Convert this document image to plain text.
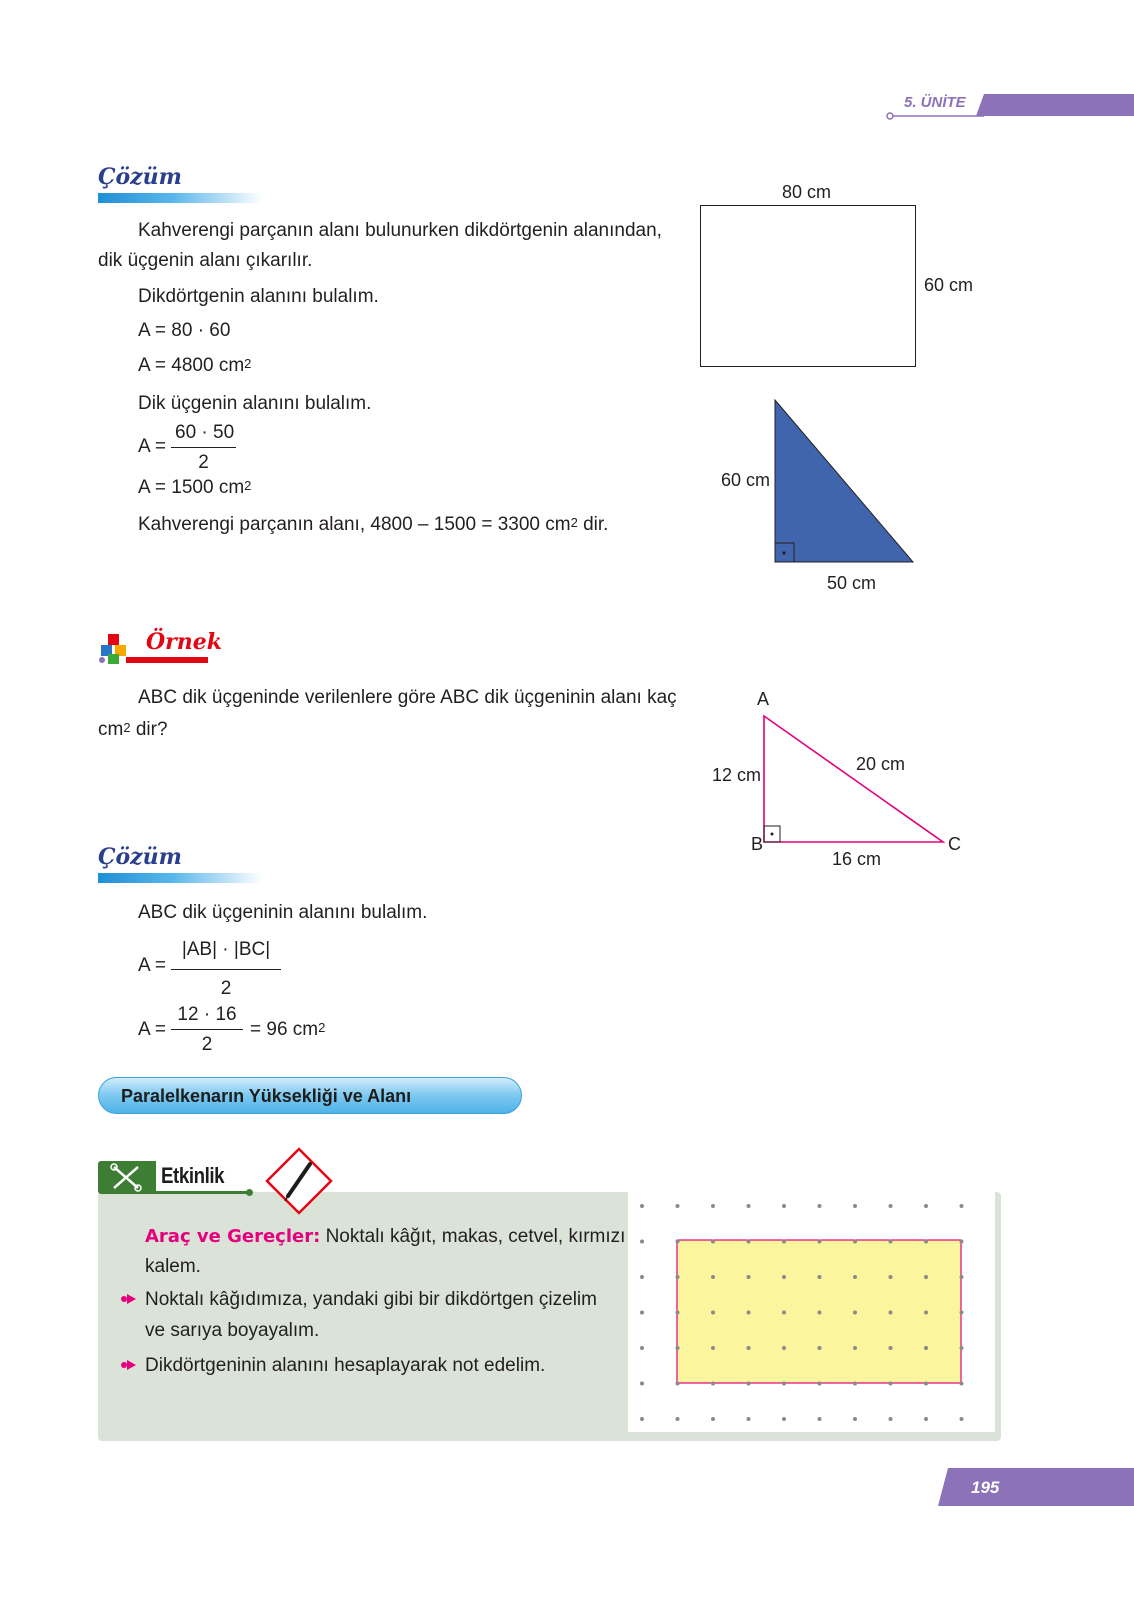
5. ÜNİTE
Çözüm
Kahverengi parçanın alanı bulunurken dikdörtgenin alanından,
dik üçgenin alanı çıkarılır.
Dikdörtgenin alanını bulalım.
A = 80 · 60
A = 4800 $cm^2$
Dik üçgenin alanını bulalım.
$A = \frac{60 \cdot 50}{2}$
A = 1500 $cm^2$
Kahverengi parçanın alanı, 4800 – 1500 = 3300 $cm^2$ dir.
80 cm
60 cm
60 cm
50 cm
Örnek
ABC dik üçgeninde verilenlere göre ABC dik üçgeninin alanı kaç
$cm^2$ dir?
A
B	C
12 cm
20 cm
16 cm
Çözüm
ABC dik üçgeninin alanını bulalım.
$A = \frac{|AB| \cdot |BC|}{2}$
$A = \frac{12 \cdot 16}{2} = 96$ $cm^2$
Paralelkenarın Yüksekliği ve Alanı
Etkinlik
Araç ve Gereçler: Noktalı kâğıt, makas, cetvel, kırmızı
kalem.
Noktalı kâğıdımıza, yandaki gibi bir dikdörtgen çizelim
ve sarıya boyayalım.
Dikdörtgeninin alanını hesaplayarak not edelim.
195
